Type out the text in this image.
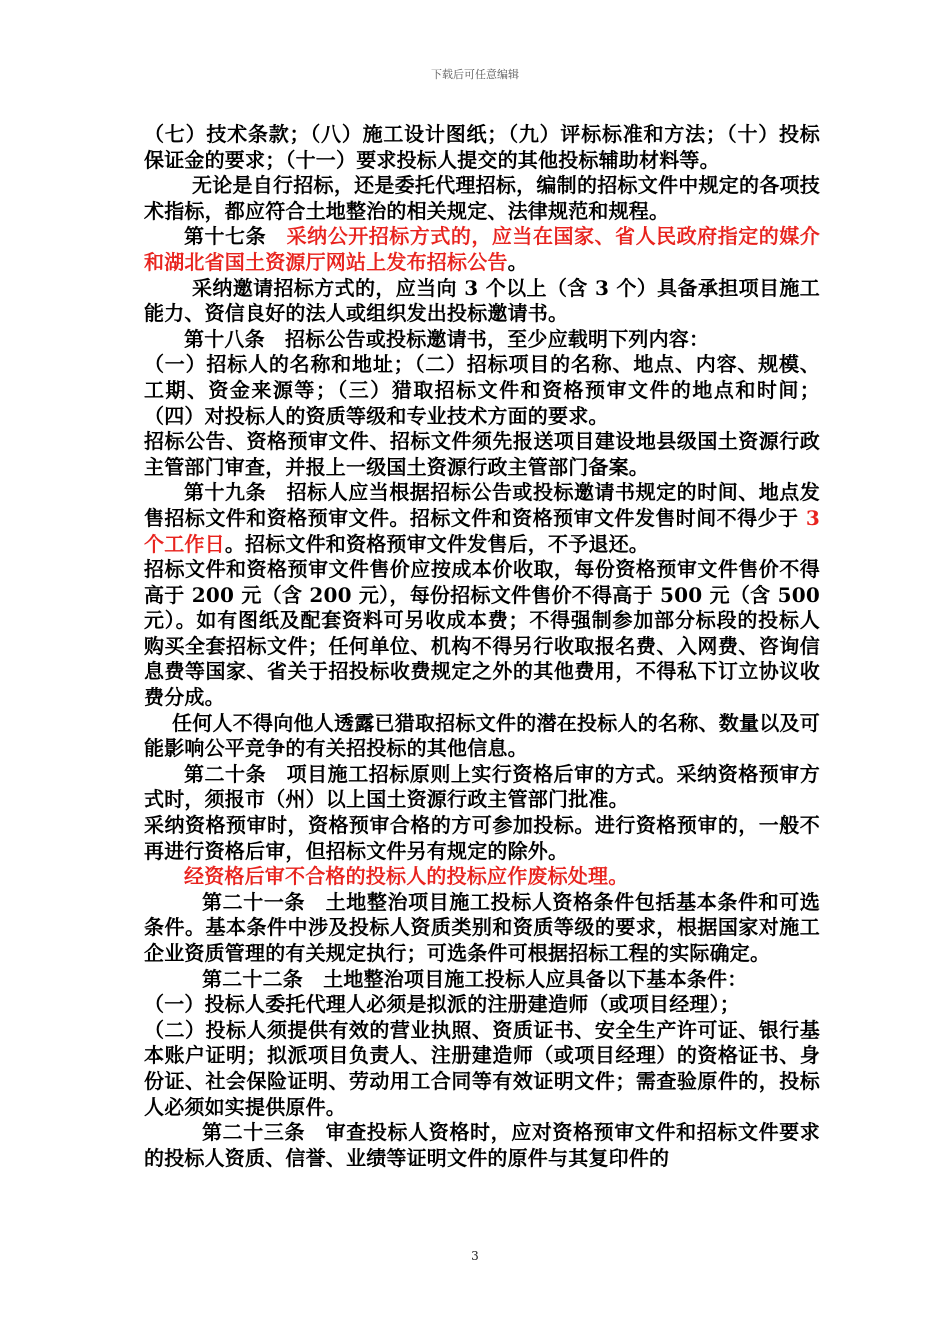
下载后可任意编辑

（七）技术条款；（八）施工设计图纸；（九）评标标准和方法；（十）投标保证金的要求；（十一）要求投标人提交的其他投标辅助材料等。

无论是自行招标，还是委托代理招标，编制的招标文件中规定的各项技术指标，都应符合土地整治的相关规定、法律规范和规程。

第十七条　采纳公开招标方式的，应当在国家、省人民政府指定的媒介和湖北省国土资源厅网站上发布招标公告。

采纳邀请招标方式的，应当向 3 个以上（含 3 个）具备承担项目施工能力、资信良好的法人或组织发出投标邀请书。

第十八条　招标公告或投标邀请书，至少应载明下列内容：

（一）招标人的名称和地址；（二）招标项目的名称、地点、内容、规模、工期、资金来源等；（三）猎取招标文件和资格预审文件的地点和时间；（四）对投标人的资质等级和专业技术方面的要求。

招标公告、资格预审文件、招标文件须先报送项目建设地县级国土资源行政主管部门审查，并报上一级国土资源行政主管部门备案。

第十九条　招标人应当根据招标公告或投标邀请书规定的时间、地点发售招标文件和资格预审文件。招标文件和资格预审文件发售时间不得少于 3 个工作日。招标文件和资格预审文件发售后，不予退还。

招标文件和资格预审文件售价应按成本价收取，每份资格预审文件售价不得高于 200 元（含 200 元），每份招标文件售价不得高于 500 元（含 500 元）。如有图纸及配套资料可另收成本费；不得强制参加部分标段的投标人购买全套招标文件；任何单位、机构不得另行收取报名费、入网费、咨询信息费等国家、省关于招投标收费规定之外的其他费用，不得私下订立协议收费分成。

任何人不得向他人透露已猎取招标文件的潜在投标人的名称、数量以及可能影响公平竞争的有关招投标的其他信息。

第二十条　项目施工招标原则上实行资格后审的方式。采纳资格预审方式时，须报市（州）以上国土资源行政主管部门批准。

采纳资格预审时，资格预审合格的方可参加投标。进行资格预审的，一般不再进行资格后审，但招标文件另有规定的除外。

经资格后审不合格的投标人的投标应作废标处理。

第二十一条　土地整治项目施工投标人资格条件包括基本条件和可选条件。基本条件中涉及投标人资质类别和资质等级的要求，根据国家对施工企业资质管理的有关规定执行；可选条件可根据招标工程的实际确定。

第二十二条　土地整治项目施工投标人应具备以下基本条件：

（一）投标人委托代理人必须是拟派的注册建造师（或项目经理）；

（二）投标人须提供有效的营业执照、资质证书、安全生产许可证、银行基本账户证明；拟派项目负责人、注册建造师（或项目经理）的资格证书、身份证、社会保险证明、劳动用工合同等有效证明文件；需查验原件的，投标人必须如实提供原件。

第二十三条　审查投标人资格时，应对资格预审文件和招标文件要求的投标人资质、信誉、业绩等证明文件的原件与其复印件的

3
